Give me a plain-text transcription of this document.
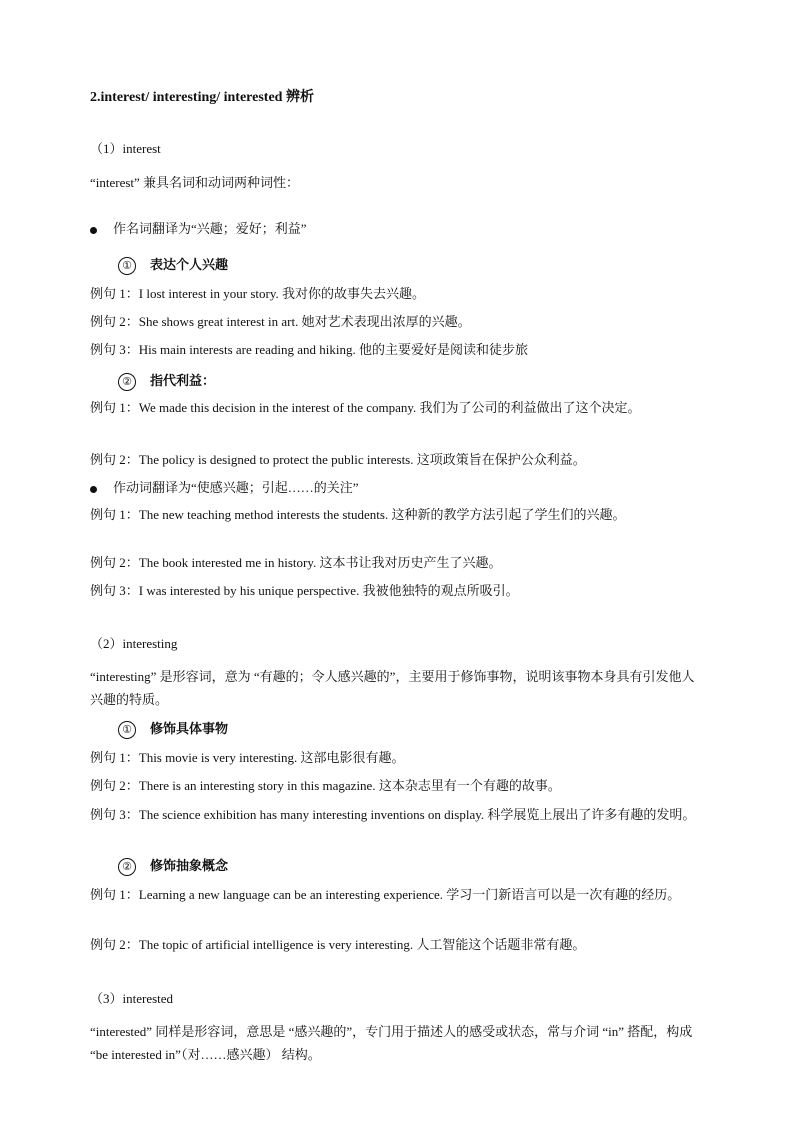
2.interest/ interesting/ interested 辨析
（1）interest
“interest” 兼具名词和动词两种词性：
作名词翻译为“兴趣；爱好；利益”
① 表达个人兴趣
例句 1：I lost interest in your story. 我对你的故事失去兴趣。
例句 2：She shows great interest in art. 她对艺术表现出浓厚的兴趣。
例句 3：His main interests are reading and hiking. 他的主要爱好是阅读和徒步旅
② 指代利益：
例句 1：We made this decision in the interest of the company. 我们为了公司的利益做出了这个决定。
例句 2：The policy is designed to protect the public interests. 这项政策旨在保护公众利益。
作动词翻译为“使感兴趣；引起……的关注”
例句 1：The new teaching method interests the students. 这种新的教学方法引起了学生们的兴趣。
例句 2：The book interested me in history. 这本书让我对历史产生了兴趣。
例句 3：I was interested by his unique perspective. 我被他独特的观点所吸引。
（2）interesting
“interesting” 是形容词，意为 “有趣的；令人感兴趣的”，主要用于修饰事物，说明该事物本身具有引发他人兴趣的特质。
① 修饰具体事物
例句 1：This movie is very interesting. 这部电影很有趣。
例句 2：There is an interesting story in this magazine. 这本杂志里有一个有趣的故事。
例句 3：The science exhibition has many interesting inventions on display. 科学展览上展出了许多有趣的发明。
② 修饰抽象概念
例句 1：Learning a new language can be an interesting experience. 学习一门新语言可以是一次有趣的经历。
例句 2：The topic of artificial intelligence is very interesting. 人工智能这个话题非常有趣。
（3）interested
“interested” 同样是形容词，意思是 “感兴趣的”，专门用于描述人的感受或状态，常与介词 “in” 搭配，构成 “be interested in”（对……感兴趣） 结构。
